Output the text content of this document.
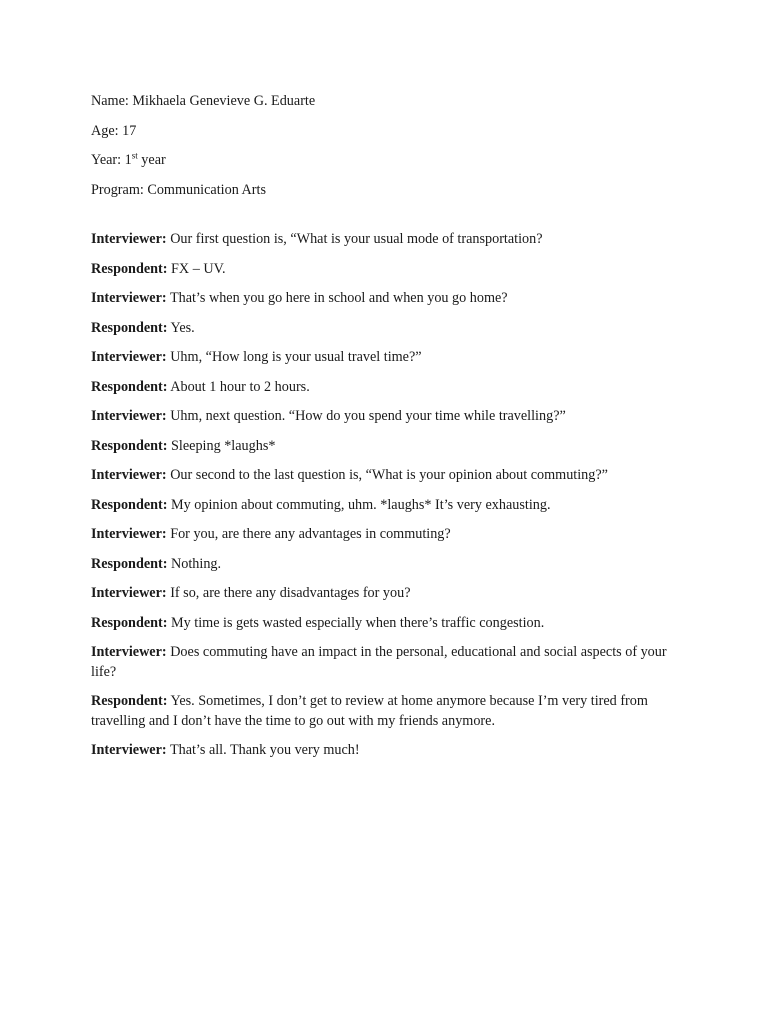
Name: Mikhaela Genevieve G. Eduarte
Age: 17
Year: 1st year
Program: Communication Arts
Interviewer: Our first question is, “What is your usual mode of transportation?
Respondent: FX – UV.
Interviewer: That’s when you go here in school and when you go home?
Respondent: Yes.
Interviewer: Uhm, “How long is your usual travel time?”
Respondent: About 1 hour to 2 hours.
Interviewer: Uhm, next question. “How do you spend your time while travelling?”
Respondent: Sleeping *laughs*
Interviewer: Our second to the last question is, “What is your opinion about commuting?”
Respondent: My opinion about commuting, uhm. *laughs* It’s very exhausting.
Interviewer: For you, are there any advantages in commuting?
Respondent: Nothing.
Interviewer: If so, are there any disadvantages for you?
Respondent: My time is gets wasted especially when there’s traffic congestion.
Interviewer: Does commuting have an impact in the personal, educational and social aspects of your life?
Respondent: Yes. Sometimes, I don’t get to review at home anymore because I’m very tired from travelling and I don’t have the time to go out with my friends anymore.
Interviewer: That’s all. Thank you very much!
